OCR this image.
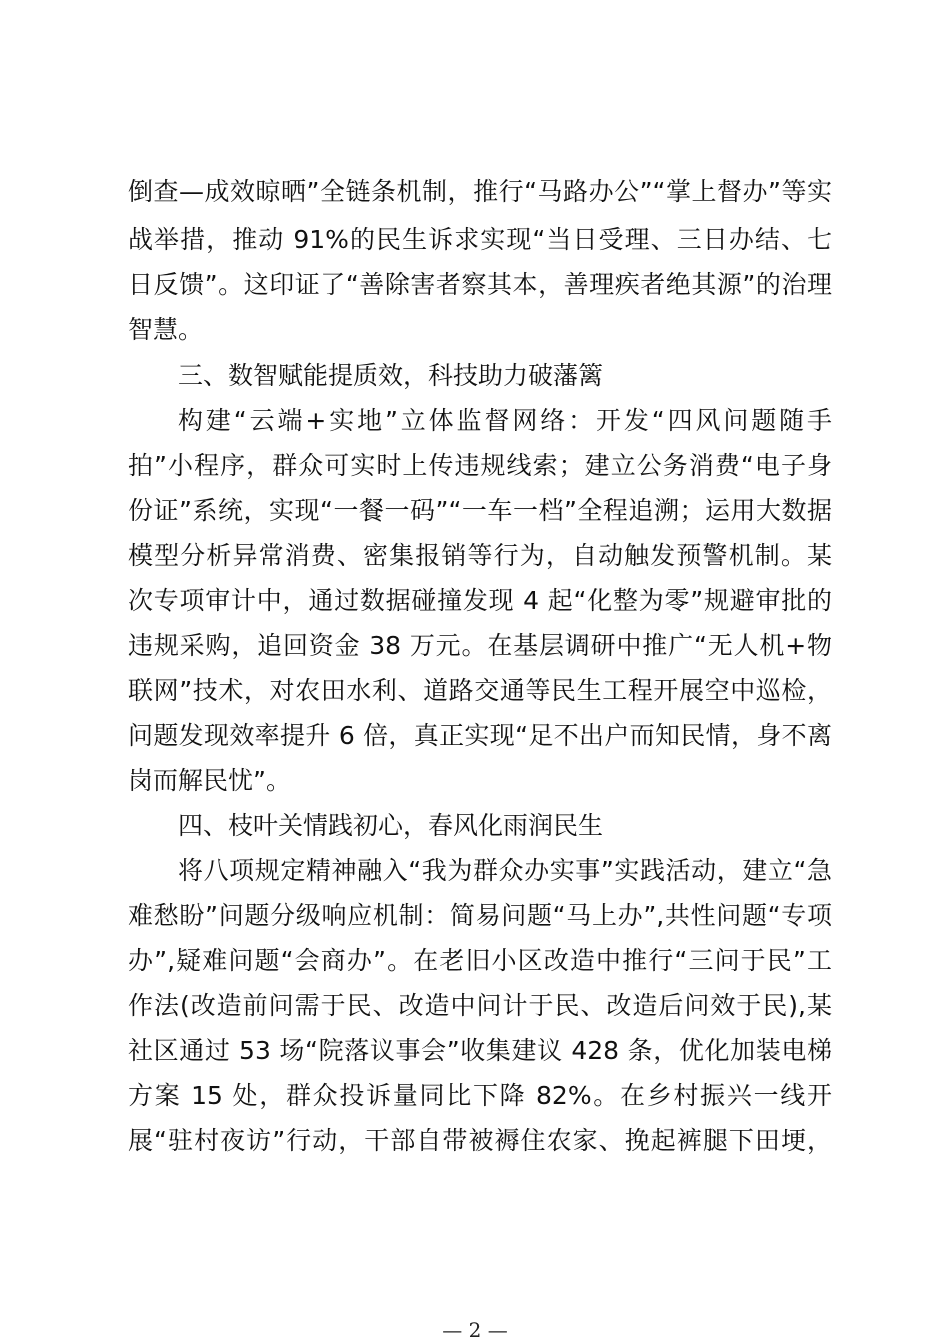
倒查—成效晾晒”全链条机制，推行“马路办公”“掌上督办”等实
战举措，推动 91%的民生诉求实现“当日受理、三日办结、七
日反馈”。这印证了“善除害者察其本，善理疾者绝其源”的治理
智慧。
三、数智赋能提质效，科技助力破藩篱
构建“云端+实地”立体监督网络：开发“四风问题随手
拍”小程序，群众可实时上传违规线索；建立公务消费“电子身
份证”系统，实现“一餐一码”“一车一档”全程追溯；运用大数据
模型分析异常消费、密集报销等行为，自动触发预警机制。某
次专项审计中，通过数据碰撞发现 4 起“化整为零”规避审批的
违规采购，追回资金 38 万元。在基层调研中推广“无人机+物
联网”技术，对农田水利、道路交通等民生工程开展空中巡检，
问题发现效率提升 6 倍，真正实现“足不出户而知民情，身不离
岗而解民忧”。
四、枝叶关情践初心，春风化雨润民生
将八项规定精神融入“我为群众办实事”实践活动，建立“急
难愁盼”问题分级响应机制：简易问题“马上办”,共性问题“专项
办”,疑难问题“会商办”。在老旧小区改造中推行“三问于民”工
作法(改造前问需于民、改造中问计于民、改造后问效于民),某
社区通过 53 场“院落议事会”收集建议 428 条，优化加装电梯
方案 15 处，群众投诉量同比下降 82%。在乡村振兴一线开
展“驻村夜访”行动，干部自带被褥住农家、挽起裤腿下田埂，
— 2 —
